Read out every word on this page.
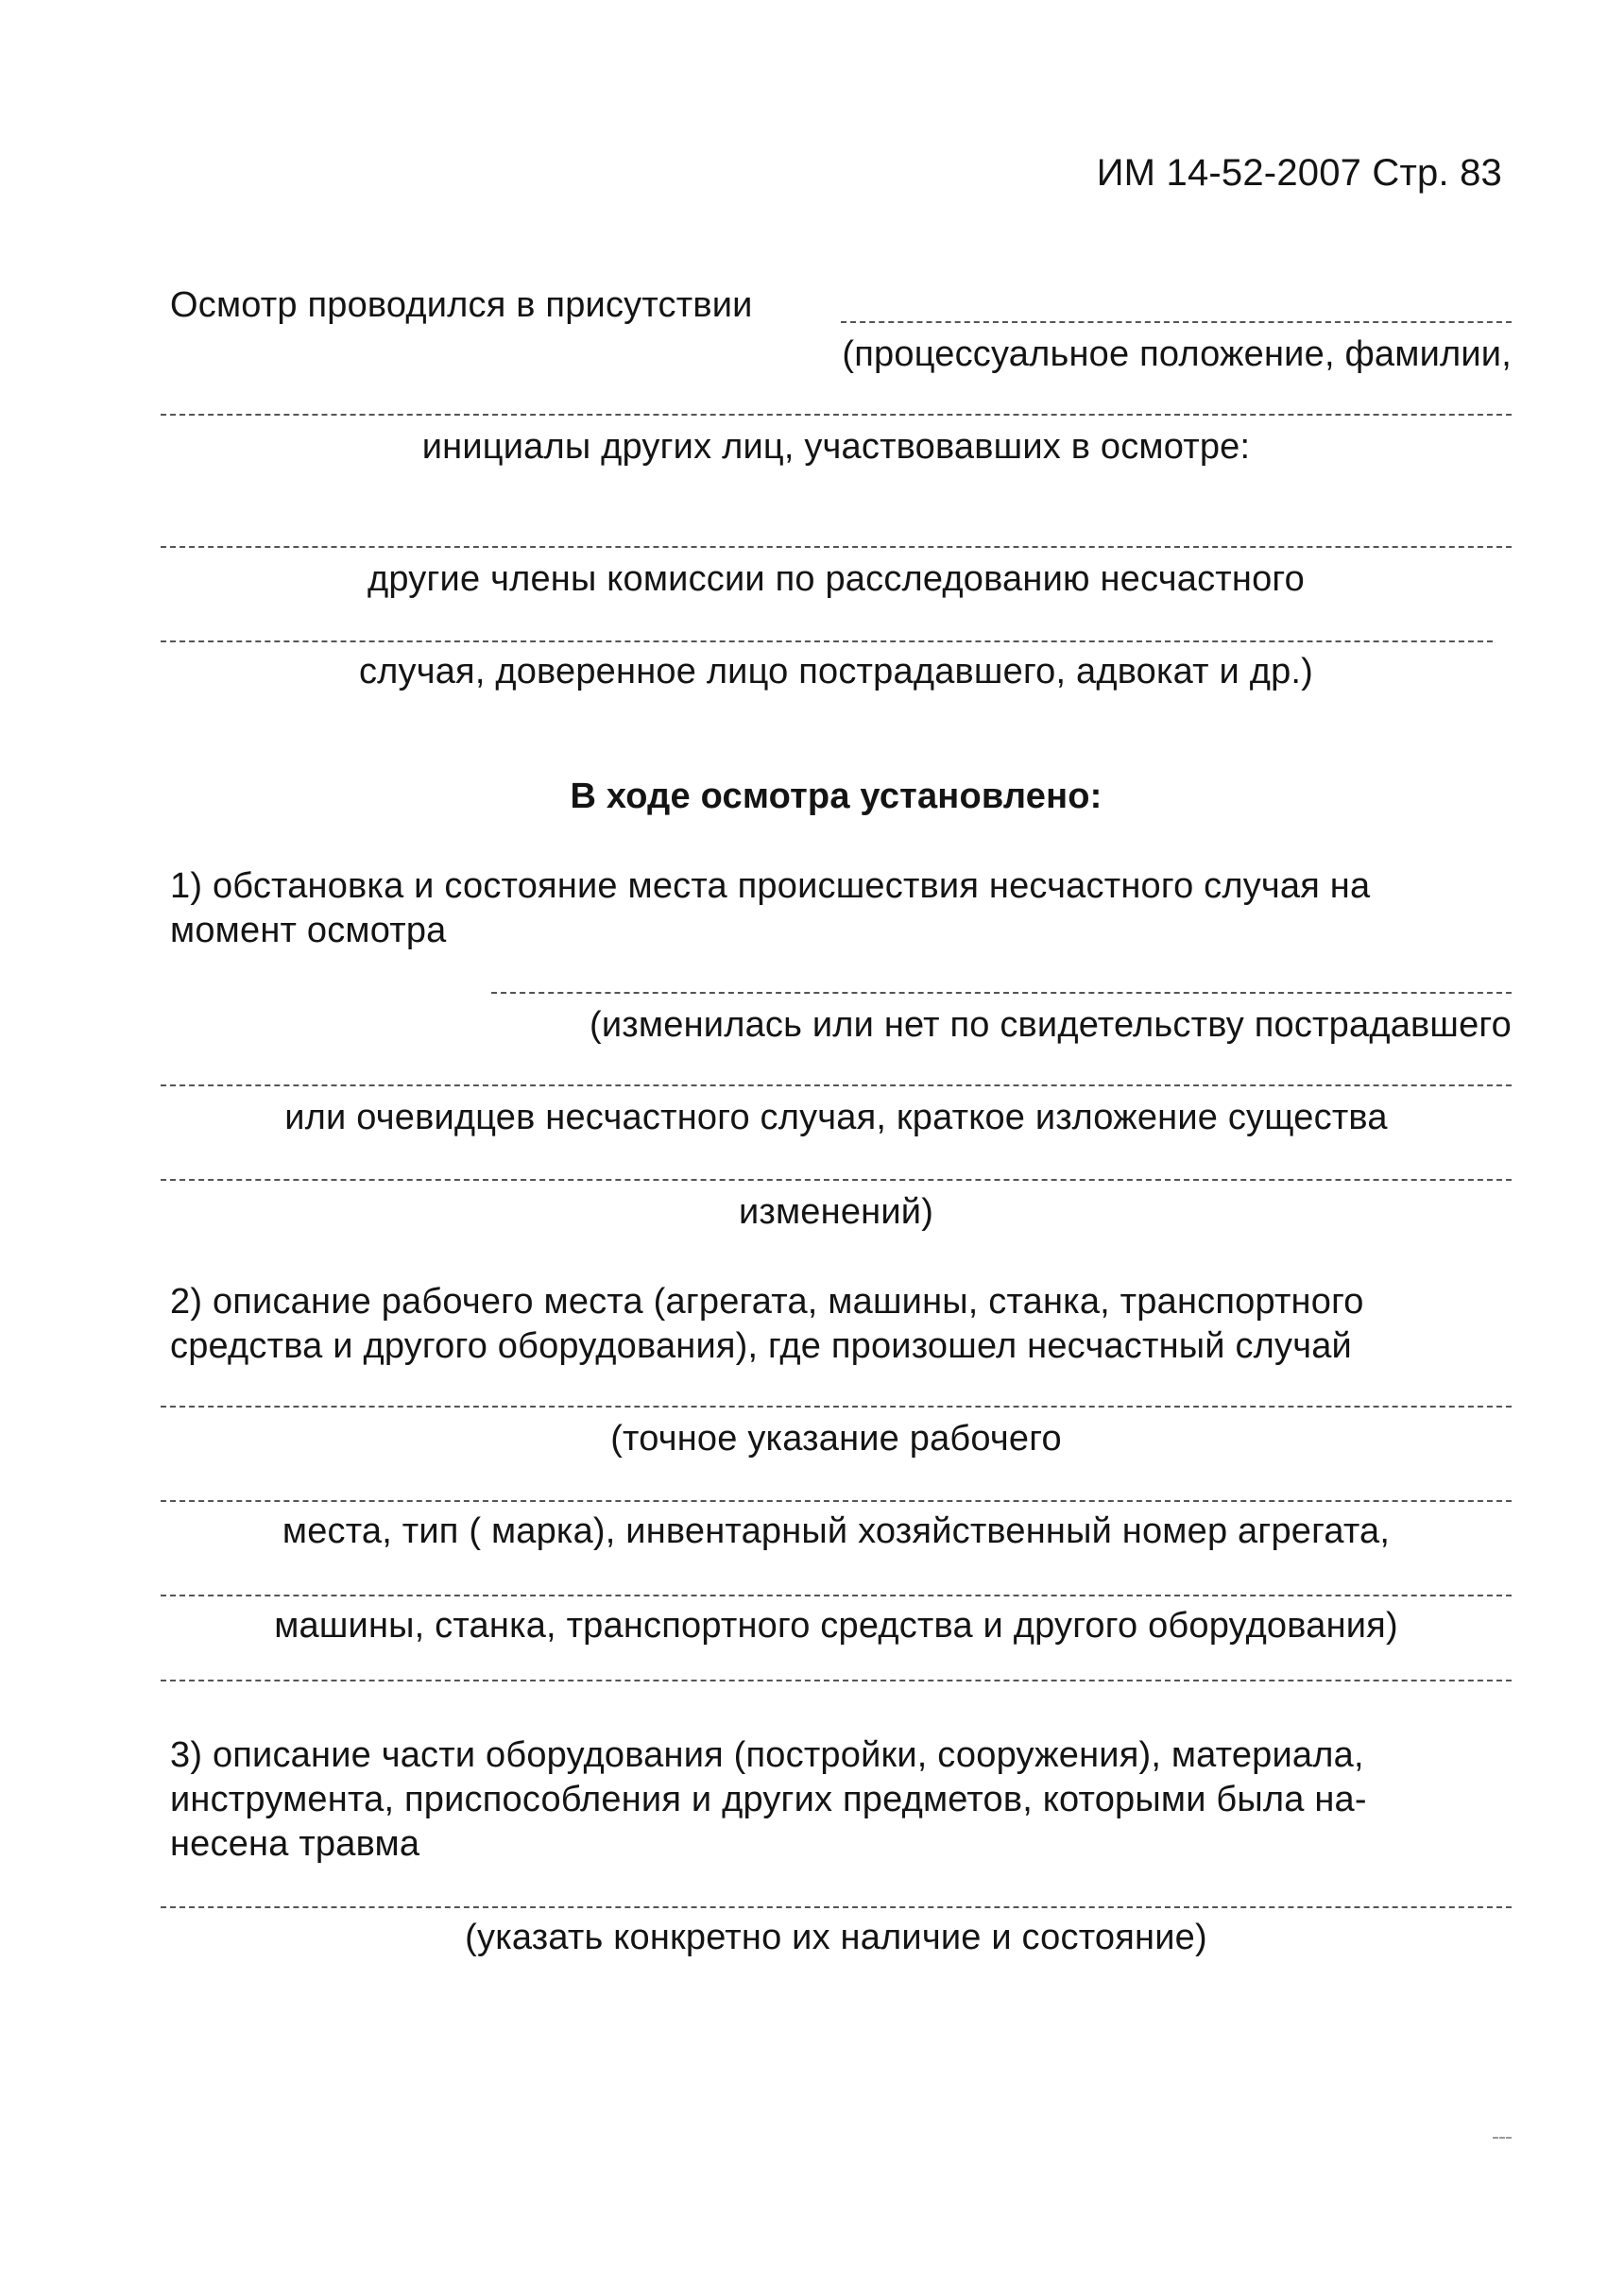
ИМ 14-52-2007 Стр. 83
Осмотр проводился в присутствии
(процессуальное положение, фамилии,
инициалы других лиц, участвовавших в осмотре:
другие члены комиссии по расследованию несчастного
случая, доверенное лицо пострадавшего, адвокат и др.)
В ходе осмотра установлено:
1) обстановка и состояние места происшествия несчастного случая на
момент осмотра
(изменилась или нет по свидетельству пострадавшего
или очевидцев несчастного случая, краткое изложение существа
изменений)
2) описание рабочего места (агрегата, машины, станка, транспортного
средства и другого оборудования), где произошел несчастный случай
(точное указание рабочего
места, тип ( марка), инвентарный хозяйственный номер агрегата,
машины, станка, транспортного средства и другого оборудования)
3) описание части оборудования (постройки, сооружения), материала,
инструмента, приспособления и других предметов, которыми была на-
несена травма
(указать конкретно их наличие и состояние)
